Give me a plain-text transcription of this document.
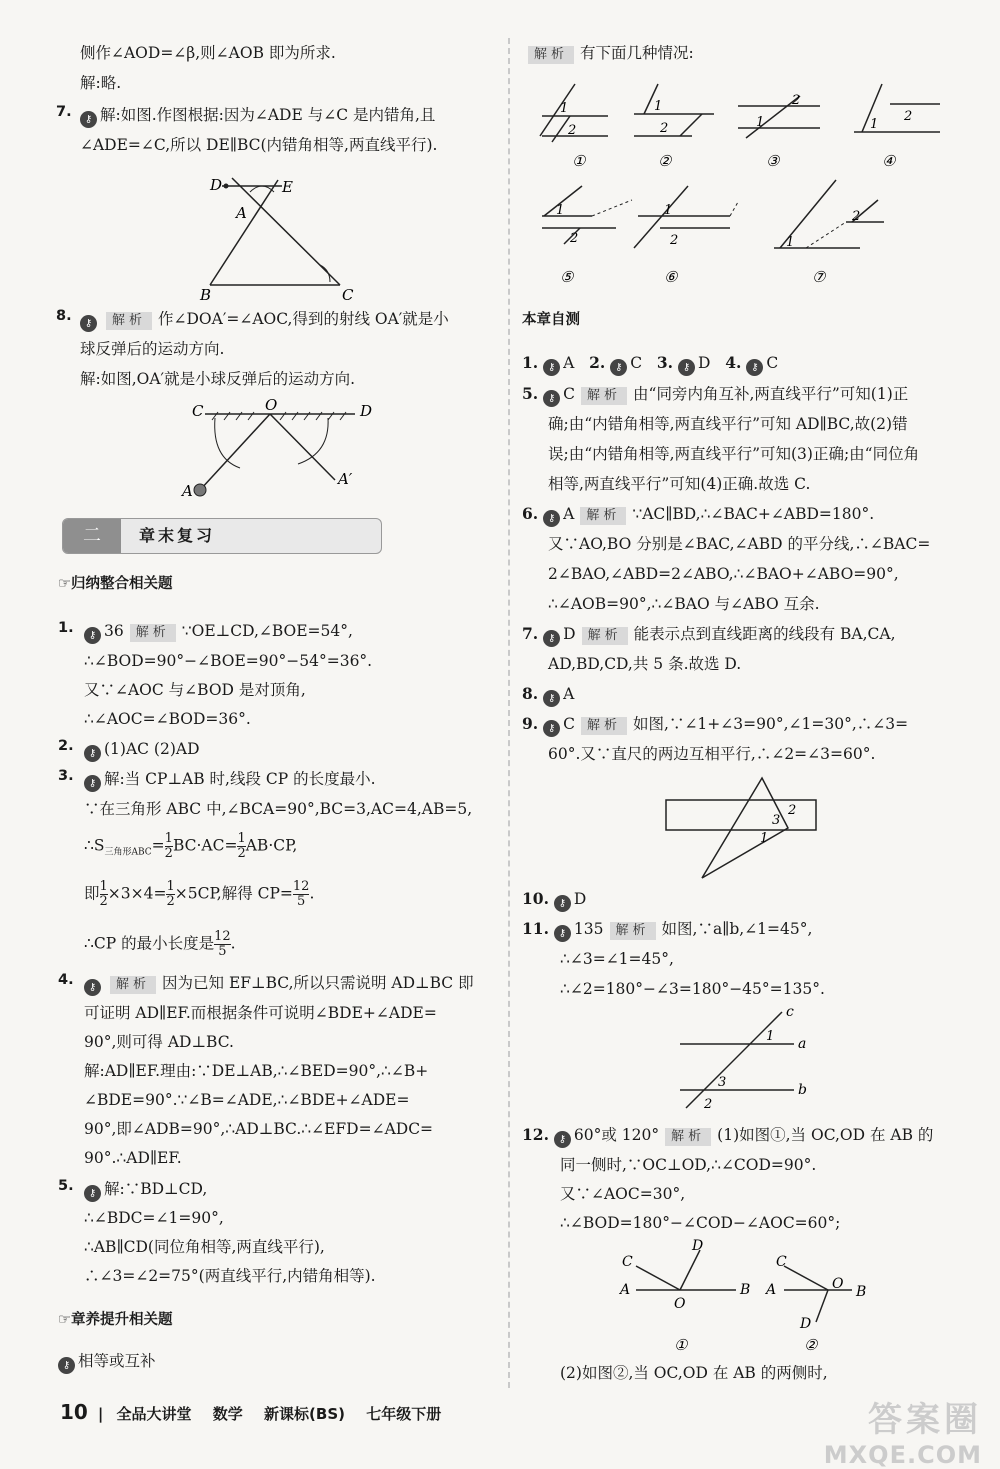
侧作∠AOD=∠β,则∠AOB 即为所求.
解:略.
7.	⚷ 解:如图.作图根据:因为∠ADE 与∠C 是内错角,且
∠ADE=∠C,所以 DE∥BC(内错角相等,两直线平行).
D	E
A
B	C
8.	⚷ 解析 作∠DOA′=∠AOC,得到的射线 OA′就是小
球反弹后的运动方向.
解:如图,OA′就是小球反弹后的运动方向.
C	O	D
A
A′
二	章末复习
☞归纳整合相关题
1.	⚷ 36 解析 ∵OE⊥CD,∠BOE=54°,
∴∠BOD=90°−∠BOE=90°−54°=36°.
又∵∠AOC 与∠BOD 是对顶角,
∴∠AOC=∠BOD=36°.
2.	⚷ (1)AC (2)AD
3.	⚷ 解:当 CP⊥AB 时,线段 CP 的长度最小.
∵在三角形 ABC 中,∠BCA=90°,BC=3,AC=4,AB=5,
$\therefore S_{三角形ABC}= \frac{1}{2} BC\cdot AC= \frac{1}{2} AB\cdot CP$,
即 $\frac{1}{2} \times 3\times 4= \frac{1}{2} \times 5CP$,解得 $CP= \frac{12}{5}$ .
∴CP 的最小长度是 $\frac{12}{5}$ .
4.	⚷ 解析 因为已知 EF⊥BC,所以只需说明 AD⊥BC 即
可证明 AD∥EF.而根据条件可说明∠BDE+∠ADE=
90°,则可得 AD⊥BC.
解:AD∥EF.理由:∵DE⊥AB,∴∠BED=90°,∴∠B+
∠BDE=90°.∵∠B=∠ADE,∴∠BDE+∠ADE=
90°,即∠ADB=90°,∴AD⊥BC.∴∠EFD=∠ADC=
90°.∴AD∥EF.
5.	⚷ 解:∵BD⊥CD,
∴∠BDC=∠1=90°,
∴AB∥CD(同位角相等,两直线平行),
∴∠3=∠2=75°(两直线平行,内错角相等).
☞章养提升相关题
⚷ 相等或互补
解析 有下面几种情况:
1
2
1
2	1
2
1
2
1
2
1
2	1
2
①	②	③	④
⑤	⑥	⑦
本章自测
1. ⚷ A 2. ⚷ C 3. ⚷ D 4. ⚷ C
5. ⚷ C 解析 由“同旁内角互补,两直线平行”可知(1)正
确;由“内错角相等,两直线平行”可知 AD∥BC,故(2)错
误;由“内错角相等,两直线平行”可知(3)正确;由“同位角
相等,两直线平行”可知(4)正确.故选 C.
6. ⚷ A 解析 ∵AC∥BD,∴∠BAC+∠ABD=180°.
又∵AO,BO 分别是∠BAC,∠ABD 的平分线,∴∠BAC=
2∠BAO,∠ABD=2∠ABO,∴∠BAO+∠ABO=90°,
∴∠AOB=90°,∴∠BAO 与∠ABO 互余.
7. ⚷ D 解析 能表示点到直线距离的线段有 BA,CA,
AD,BD,CD,共 5 条.故选 D.
8. ⚷ A
9. ⚷ C 解析 如图,∵∠1+∠3=90°,∠1=30°,∴∠3=
60°.又∵直尺的两边互相平行,∴∠2=∠3=60°.
2
3
1
10. ⚷ D
11. ⚷ 135 解析 如图,∵a∥b,∠1=45°,
∴∠3=∠1=45°,
∴∠2=180°−∠3=180°−45°=135°.
c
a
b
1
3
2
12. ⚷ 60°或 120° 解析 (1)如图①,当 OC,OD 在 AB 的
同一侧时,∵OC⊥OD,∴∠COD=90°.
又∵∠AOC=30°,
∴∠BOD=180°−∠COD−∠AOC=60°;
C
D
A
O
B
C
A	O B
D
①	②
(2)如图②,当 OC,OD 在 AB 的两侧时,
10 | 全品大讲堂 数学 新课标(BS) 七年级下册	答案圈
MXQE.COM
